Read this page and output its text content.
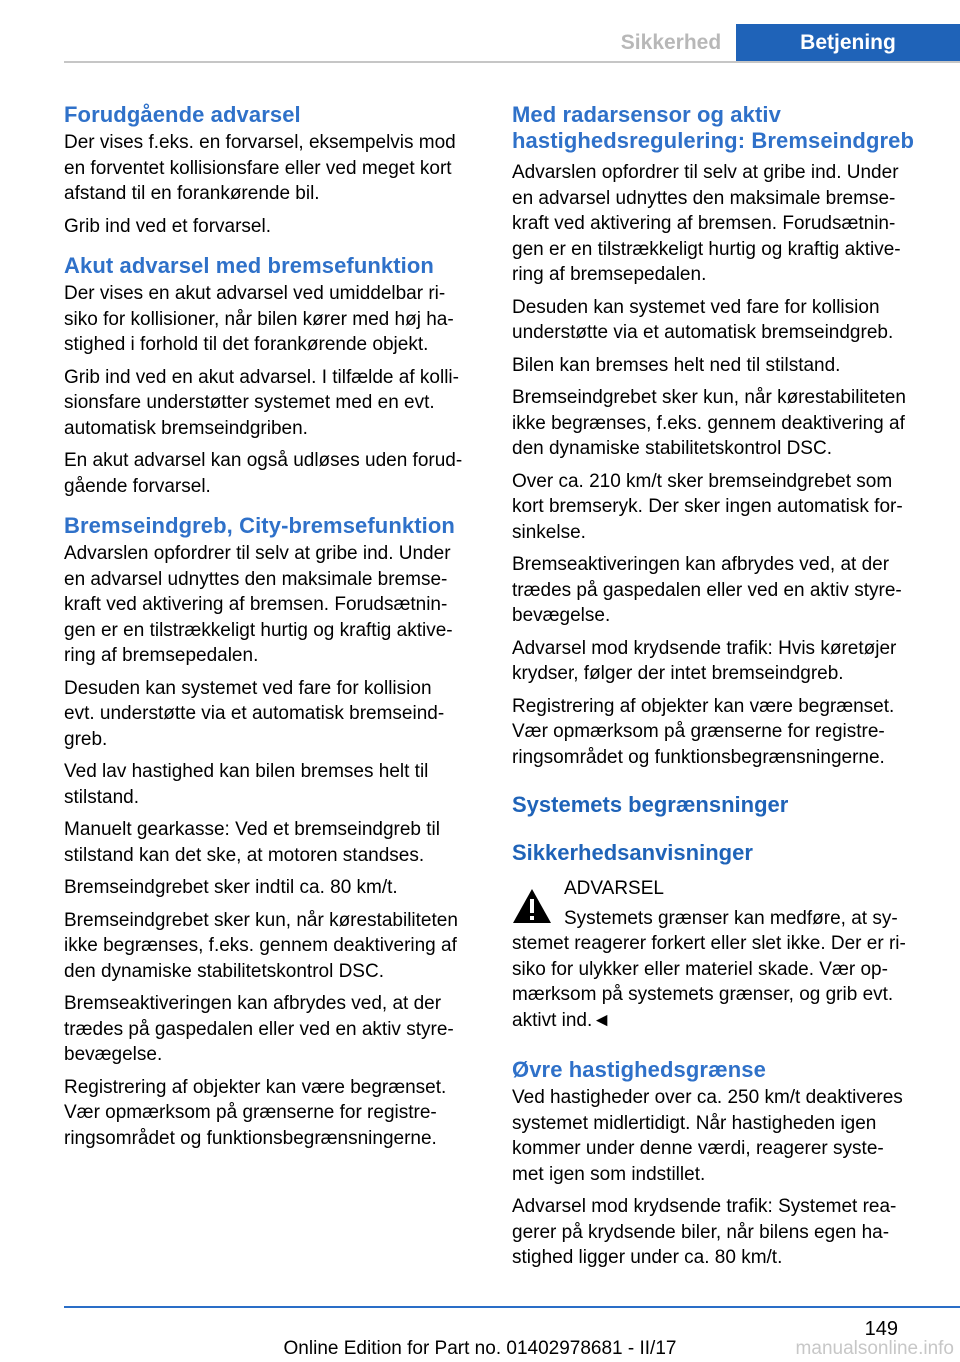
Sikkerhed	Betjening
Forudgående advarsel
Der vises f.eks. en forvarsel, eksempelvis mod
en forventet kollisionsfare eller ved meget kort
afstand til en forankørende bil.
Grib ind ved et forvarsel.
Akut advarsel med bremsefunktion
Der vises en akut advarsel ved umiddelbar ri-
siko for kollisioner, når bilen kører med høj ha-
stighed i forhold til det forankørende objekt.
Grib ind ved en akut advarsel. I tilfælde af kolli-
sionsfare understøtter systemet med en evt.
automatisk bremseindgriben.
En akut advarsel kan også udløses uden forud-
gående forvarsel.
Bremseindgreb, City-bremsefunktion
Advarslen opfordrer til selv at gribe ind. Under
en advarsel udnyttes den maksimale bremse-
kraft ved aktivering af bremsen. Forudsætnin-
gen er en tilstrækkeligt hurtig og kraftig aktive-
ring af bremsepedalen.
Desuden kan systemet ved fare for kollision
evt. understøtte via et automatisk bremseind-
greb.
Ved lav hastighed kan bilen bremses helt til
stilstand.
Manuelt gearkasse: Ved et bremseindgreb til
stilstand kan det ske, at motoren standses.
Bremseindgrebet sker indtil ca. 80 km/t.
Bremseindgrebet sker kun, når kørestabiliteten
ikke begrænses, f.eks. gennem deaktivering af
den dynamiske stabilitetskontrol DSC.
Bremseaktiveringen kan afbrydes ved, at der
trædes på gaspedalen eller ved en aktiv styre-
bevægelse.
Registrering af objekter kan være begrænset.
Vær opmærksom på grænserne for registre-
ringsområdet og funktionsbegrænsningerne.
Med radarsensor og aktiv
hastighedsregulering: Bremseindgreb
Advarslen opfordrer til selv at gribe ind. Under
en advarsel udnyttes den maksimale bremse-
kraft ved aktivering af bremsen. Forudsætnin-
gen er en tilstrækkeligt hurtig og kraftig aktive-
ring af bremsepedalen.
Desuden kan systemet ved fare for kollision
understøtte via et automatisk bremseindgreb.
Bilen kan bremses helt ned til stilstand.
Bremseindgrebet sker kun, når kørestabiliteten
ikke begrænses, f.eks. gennem deaktivering af
den dynamiske stabilitetskontrol DSC.
Over ca. 210 km/t sker bremseindgrebet som
kort bremseryk. Der sker ingen automatisk for-
sinkelse.
Bremseaktiveringen kan afbrydes ved, at der
trædes på gaspedalen eller ved en aktiv styre-
bevægelse.
Advarsel mod krydsende trafik: Hvis køretøjer
krydser, følger der intet bremseindgreb.
Registrering af objekter kan være begrænset.
Vær opmærksom på grænserne for registre-
ringsområdet og funktionsbegrænsningerne.
Systemets begrænsninger
Sikkerhedsanvisninger
ADVARSEL
Systemets grænser kan medføre, at sy-
stemet reagerer forkert eller slet ikke. Der er ri-
siko for ulykker eller materiel skade. Vær op-
mærksom på systemets grænser, og grib evt.
aktivt ind.◄
Øvre hastighedsgrænse
Ved hastigheder over ca. 250 km/t deaktiveres
systemet midlertidigt. Når hastigheden igen
kommer under denne værdi, reagerer syste-
met igen som indstillet.
Advarsel mod krydsende trafik: Systemet rea-
gerer på krydsende biler, når bilens egen ha-
stighed ligger under ca. 80 km/t.
149
Online Edition for Part no. 01402978681 - II/17	manualsonline.info
